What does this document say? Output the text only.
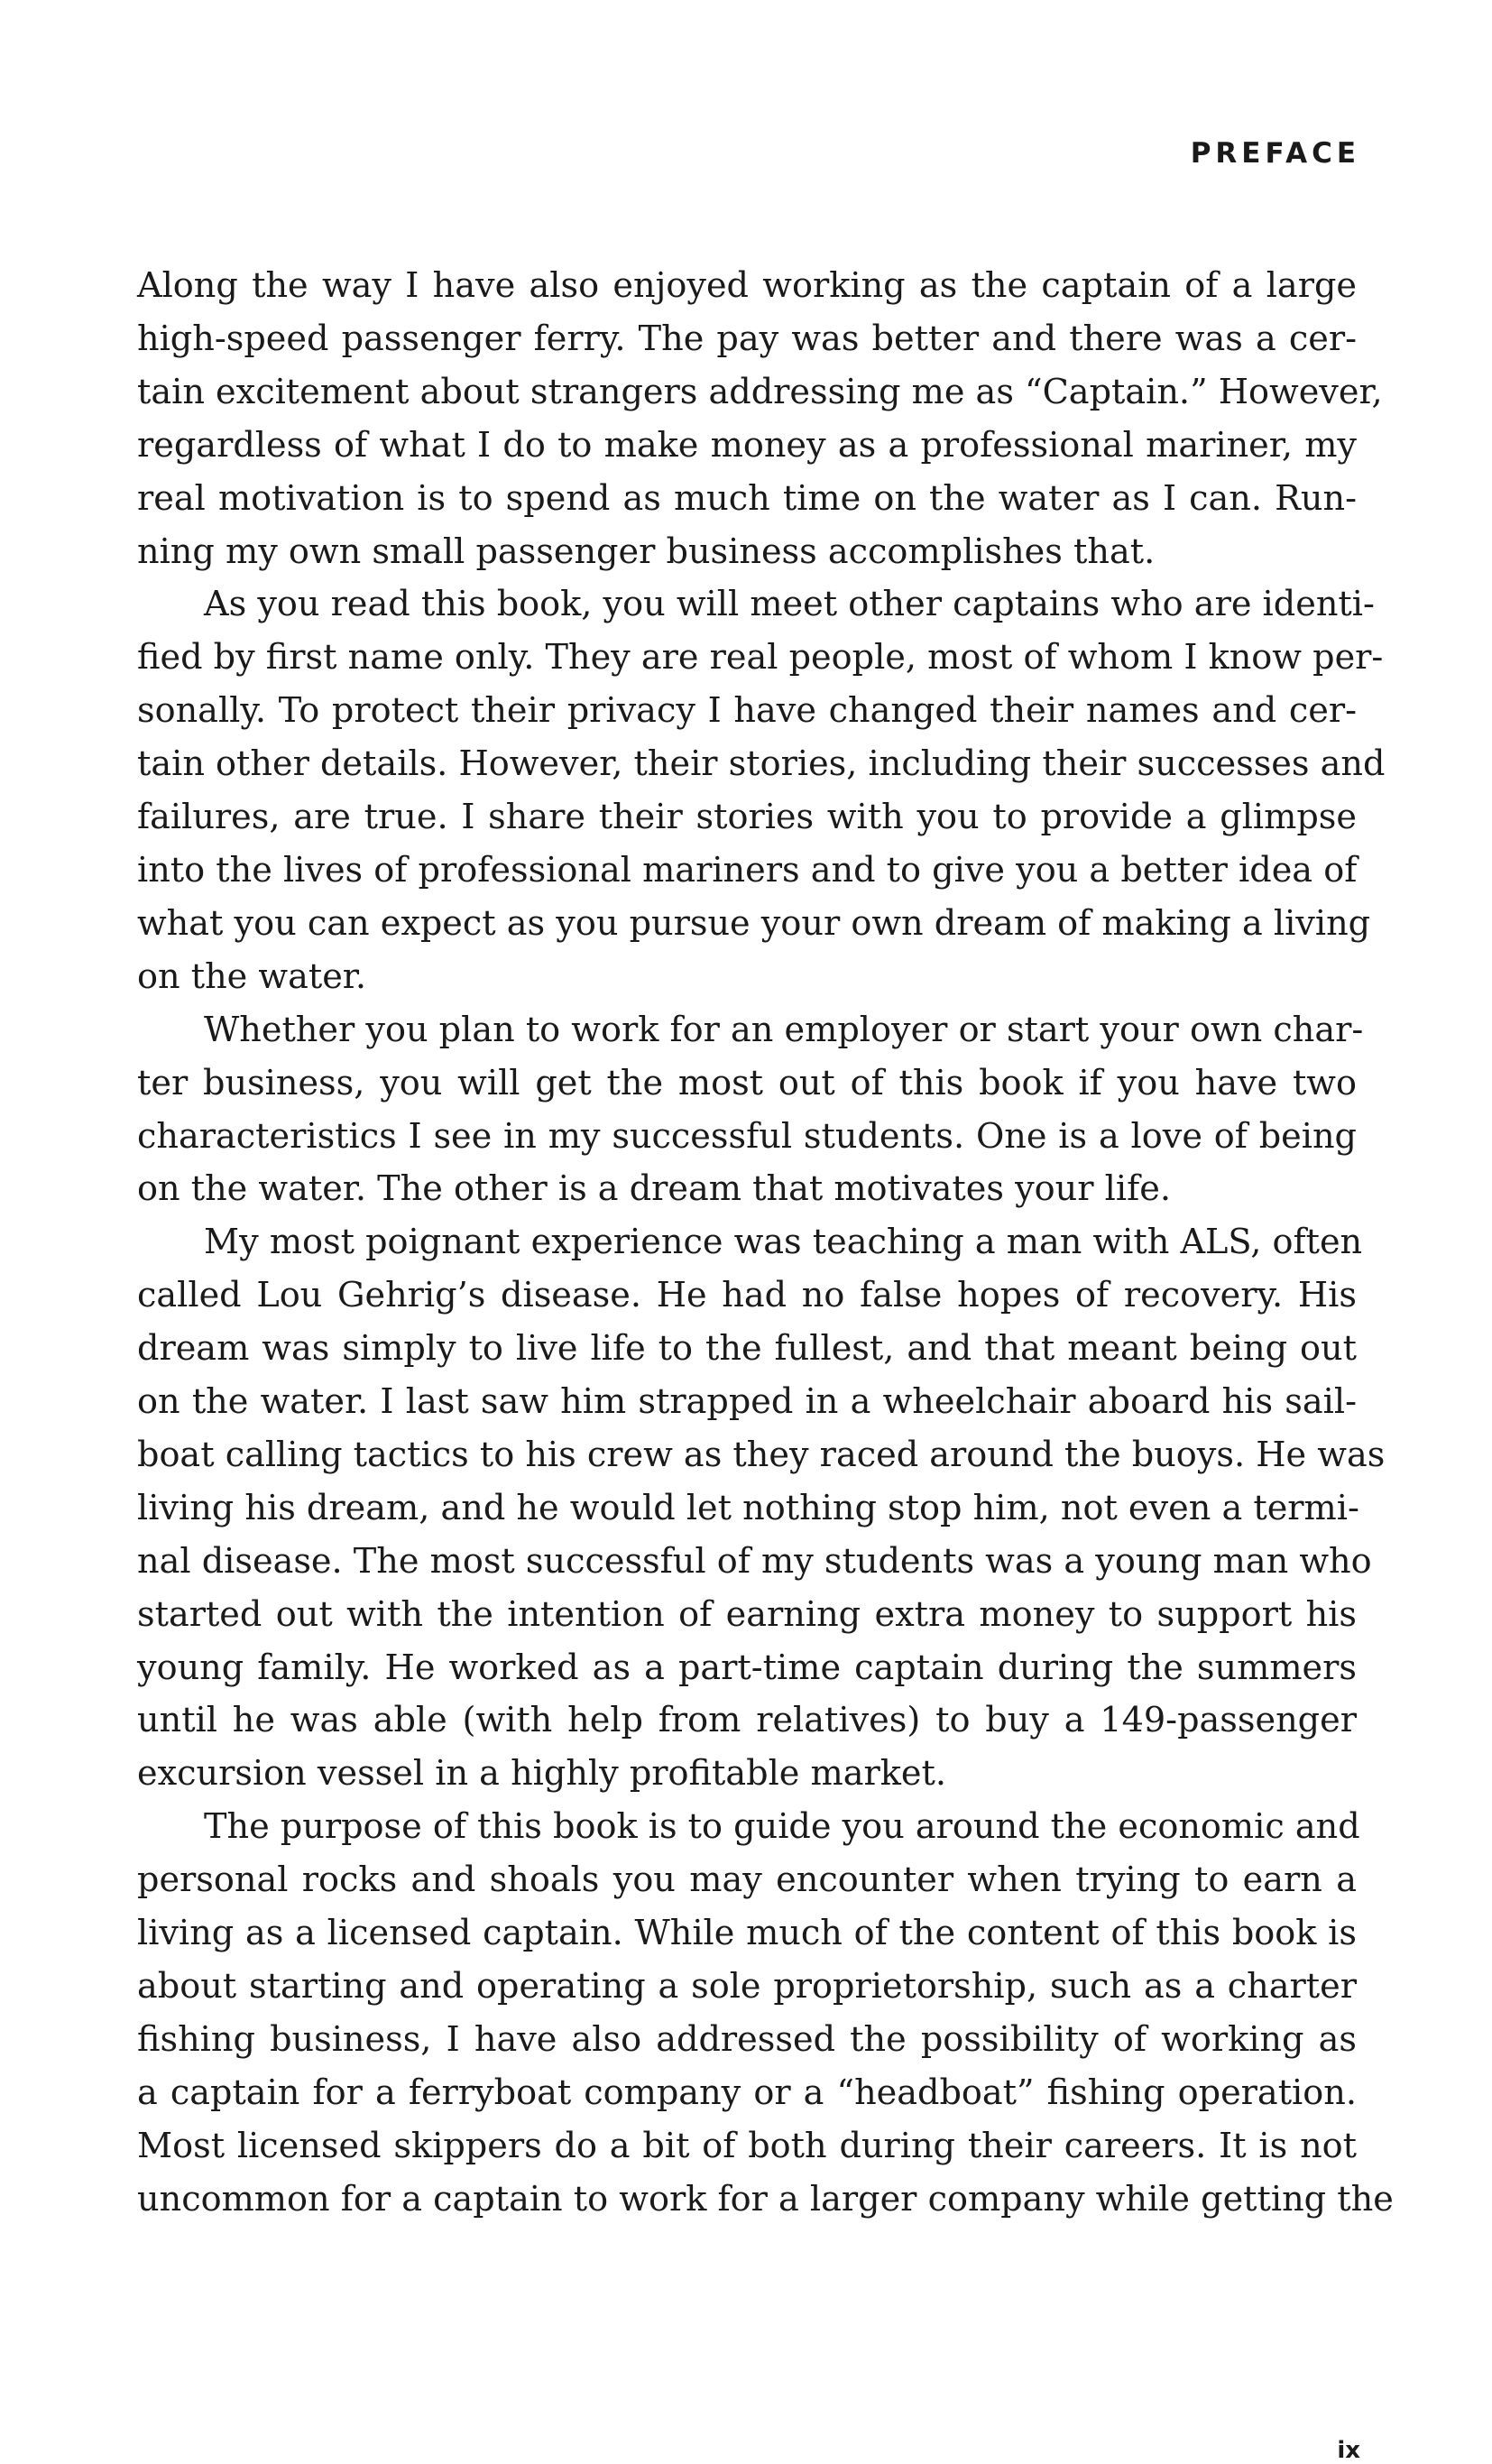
PREFACE
Along the way I have also enjoyed working as the captain of a large
high-speed passenger ferry. The pay was better and there was a cer-
tain excitement about strangers addressing me as “Captain.” However,
regardless of what I do to make money as a professional mariner, my
real motivation is to spend as much time on the water as I can. Run-
ning my own small passenger business accomplishes that.
As you read this book, you will meet other captains who are identi-
fied by first name only. They are real people, most of whom I know per-
sonally. To protect their privacy I have changed their names and cer-
tain other details. However, their stories, including their successes and
failures, are true. I share their stories with you to provide a glimpse
into the lives of professional mariners and to give you a better idea of
what you can expect as you pursue your own dream of making a living
on the water.
Whether you plan to work for an employer or start your own char-
ter business, you will get the most out of this book if you have two
characteristics I see in my successful students. One is a love of being
on the water. The other is a dream that motivates your life.
My most poignant experience was teaching a man with ALS, often
called Lou Gehrig’s disease. He had no false hopes of recovery. His
dream was simply to live life to the fullest, and that meant being out
on the water. I last saw him strapped in a wheelchair aboard his sail-
boat calling tactics to his crew as they raced around the buoys. He was
living his dream, and he would let nothing stop him, not even a termi-
nal disease. The most successful of my students was a young man who
started out with the intention of earning extra money to support his
young family. He worked as a part-time captain during the summers
until he was able (with help from relatives) to buy a 149-passenger
excursion vessel in a highly profitable market.
The purpose of this book is to guide you around the economic and
personal rocks and shoals you may encounter when trying to earn a
living as a licensed captain. While much of the content of this book is
about starting and operating a sole proprietorship, such as a charter
fishing business, I have also addressed the possibility of working as
a captain for a ferryboat company or a “headboat” fishing operation.
Most licensed skippers do a bit of both during their careers. It is not
uncommon for a captain to work for a larger company while getting the
ix
